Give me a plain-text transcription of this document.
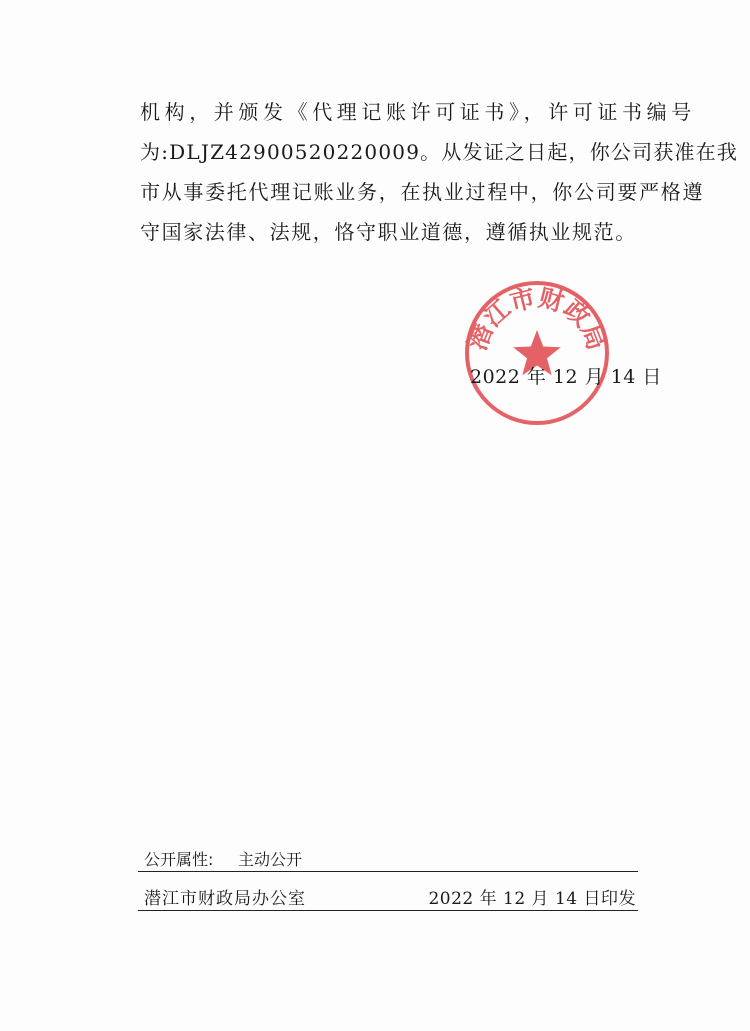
机构，并颁发《代理记账许可证书》，许可证书编号
为:DLJZ42900520220009。从发证之日起，你公司获准在我
市从事委托代理记账业务，在执业过程中，你公司要严格遵
守国家法律、法规，恪守职业道德，遵循执业规范。
潜江市财政局
2022 年 12 月 14 日
公开属性: 主动公开
潜江市财政局办公室	2022 年 12 月 14 日印发
